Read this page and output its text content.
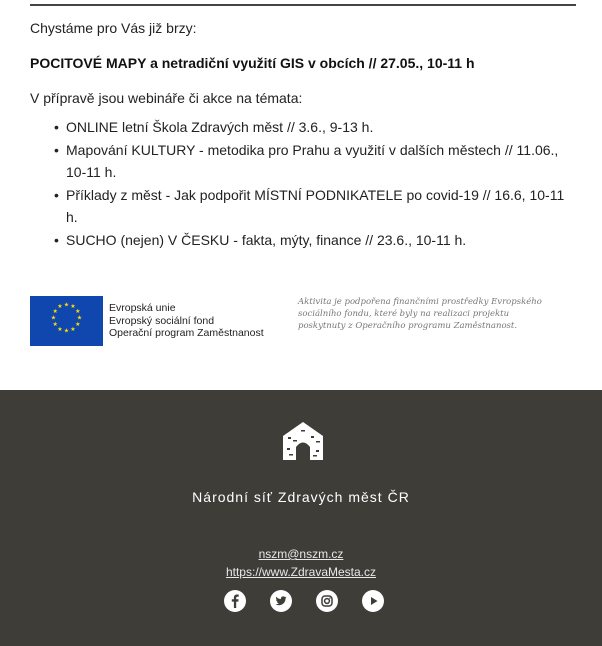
Chystáme pro Vás již brzy:

POCITOVÉ MAPY a netradiční využití GIS v obcích // 27.05., 10-11 h

V přípravě jsou webináře či akce na témata:

• ONLINE letní Škola Zdravých měst // 3.6., 9-13 h.
• Mapování KULTURY - metodika pro Prahu a využití v dalších městech // 11.06., 10-11 h.
• Příklady z měst - Jak podpořit MÍSTNÍ PODNIKATELE po covid-19 // 16.6, 10-11 h.
• SUCHO (nejen) V ČESKU - fakta, mýty, finance // 23.6., 10-11 h.
★ ★
★
★
★
★
★
★
★
★
★
★	Evropská unie
Evropský sociální fond
Operační program Zaměstnanost

Aktivita je podpořena finančními prostředky Evropského sociálního fondu, které byly na realizaci projektu poskytnuty z Operačního programu Zaměstnanost.

Národní síť Zdravých měst ČR

nszm@nszm.cz
https://www.ZdravaMesta.cz
